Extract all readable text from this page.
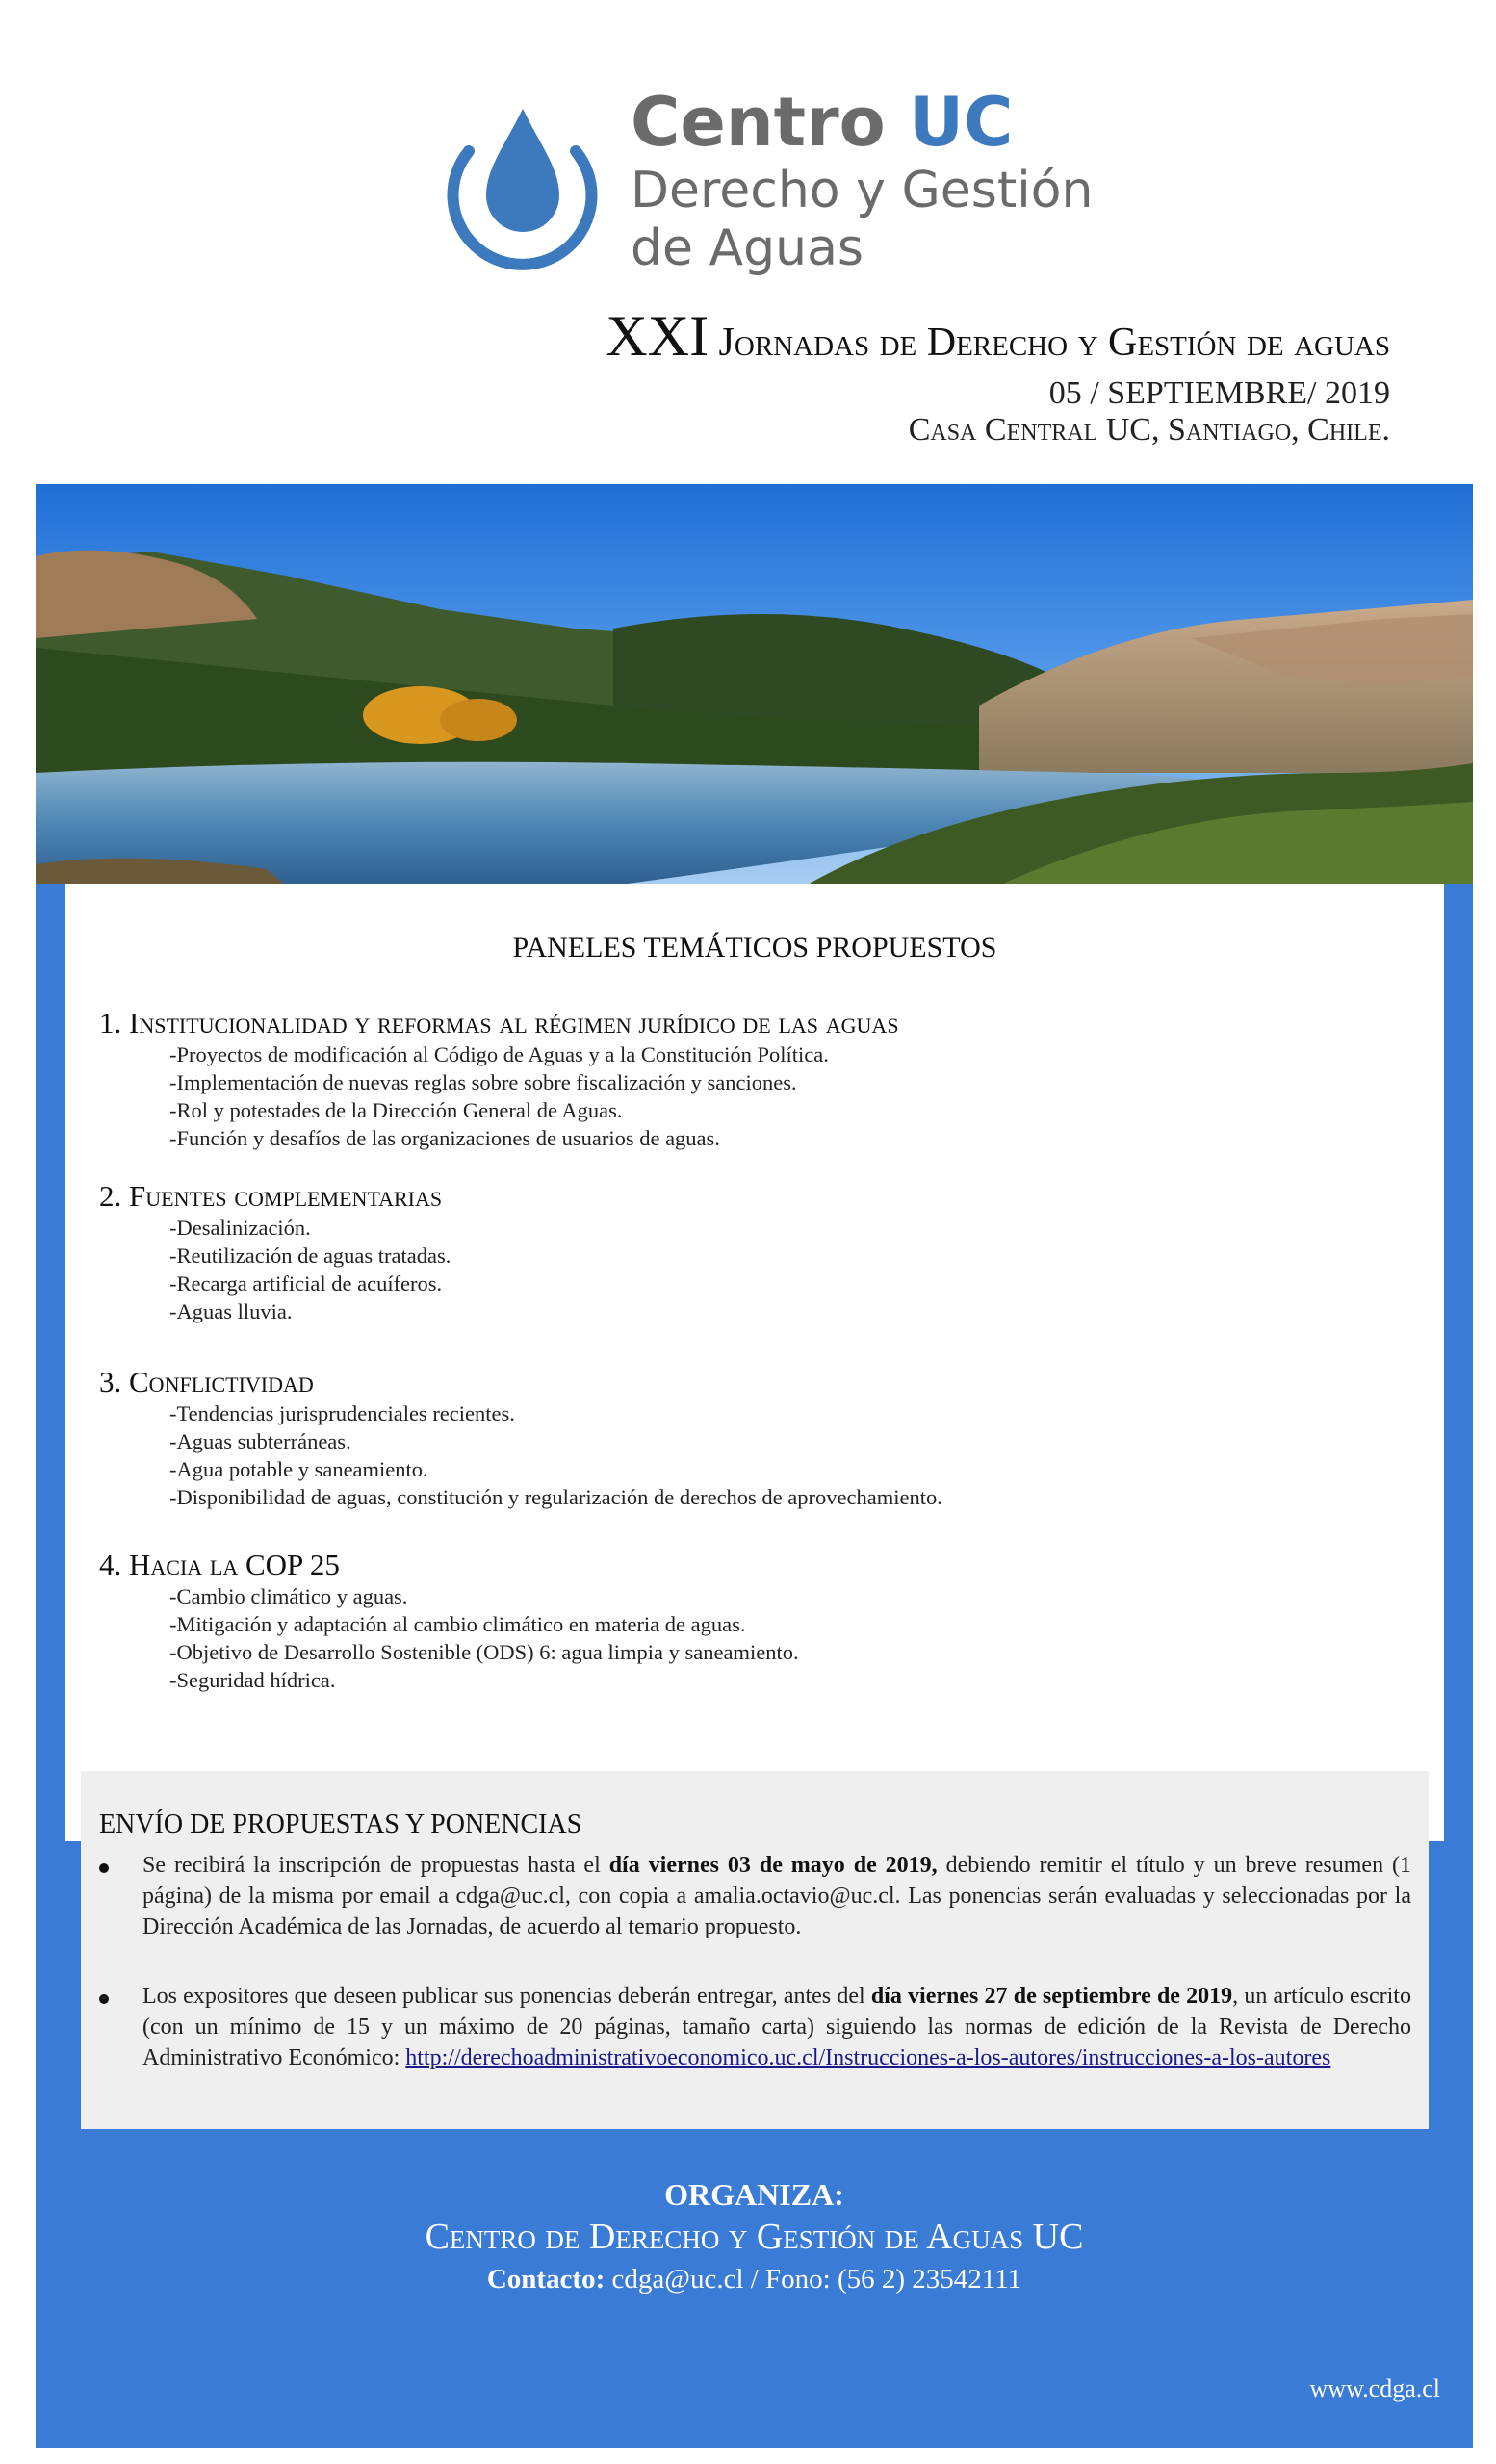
Centro UC
Derecho y Gestión
de Aguas
XXI Jornadas de Derecho y Gestión de aguas
05 / SEPTIEMBRE/ 2019
Casa Central UC, Santiago, Chile.
PANELES TEMÁTICOS PROPUESTOS
1. Institucionalidad y reformas al régimen jurídico de las aguas
-Proyectos de modificación al Código de Aguas y a la Constitución Política.
-Implementación de nuevas reglas sobre sobre fiscalización y sanciones.
-Rol y potestades de la Dirección General de Aguas.
-Función y desafíos de las organizaciones de usuarios de aguas.
2. Fuentes complementarias
-Desalinización.
-Reutilización de aguas tratadas.
-Recarga artificial de acuíferos.
-Aguas lluvia.
3. Conflictividad
-Tendencias jurisprudenciales recientes.
-Aguas subterráneas.
-Agua potable y saneamiento.
-Disponibilidad de aguas, constitución y regularización de derechos de aprovechamiento.
4. Hacia la COP 25
-Cambio climático y aguas.
-Mitigación y adaptación al cambio climático en materia de aguas.
-Objetivo de Desarrollo Sostenible (ODS) 6: agua limpia y saneamiento.
-Seguridad hídrica.
ENVÍO DE PROPUESTAS Y PONENCIAS
Se recibirá la inscripción de propuestas hasta el día viernes 03 de mayo de 2019, debiendo remitir el título y un breve resumen (1 página) de la misma por email a cdga@uc.cl, con copia a amalia.octavio@uc.cl. Las ponencias serán evaluadas y seleccionadas por la Dirección Académica de las Jornadas, de acuerdo al temario propuesto.
Los expositores que deseen publicar sus ponencias deberán entregar, antes del día viernes 27 de septiembre de 2019, un artículo escrito (con un mínimo de 15 y un máximo de 20 páginas, tamaño carta) siguiendo las normas de edición de la Revista de Derecho Administrativo Económico: http://derechoadministrativoeconomico.uc.cl/Instrucciones-a-los-autores/instrucciones-a-los-autores
ORGANIZA:
Centro de Derecho y Gestión de Aguas UC
Contacto: cdga@uc.cl / Fono: (56 2) 23542111
www.cdga.cl
